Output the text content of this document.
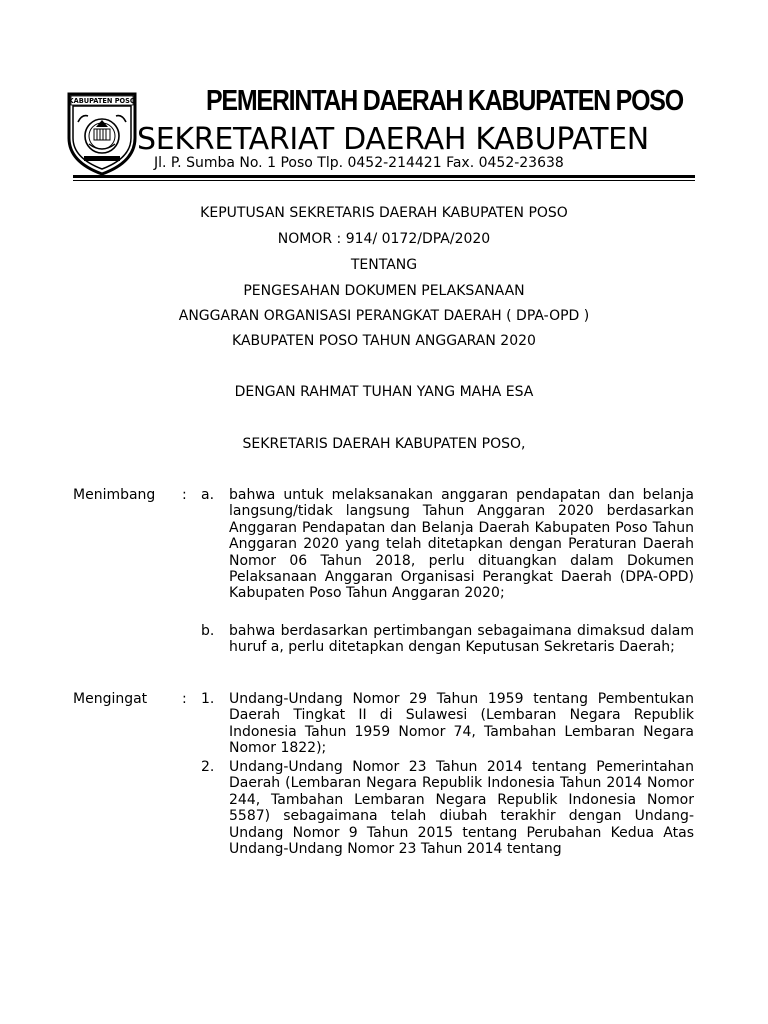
KABUPATEN POSO PEMERINTAH DAERAH KABUPATEN POSO
SEKRETARIAT DAERAH KABUPATEN
Jl. P. Sumba No. 1 Poso Tlp. 0452-214421 Fax. 0452-23638
KEPUTUSAN SEKRETARIS DAERAH KABUPATEN POSO
NOMOR : 914/ 0172/DPA/2020
TENTANG
PENGESAHAN DOKUMEN PELAKSANAAN
ANGGARAN ORGANISASI PERANGKAT DAERAH ( DPA-OPD )
KABUPATEN POSO TAHUN ANGGARAN 2020
DENGAN RAHMAT TUHAN YANG MAHA ESA
SEKRETARIS DAERAH KABUPATEN POSO,
Menimbang : a. bahwa untuk melaksanakan anggaran pendapatan dan belanja langsung/tidak langsung Tahun Anggaran 2020 berdasarkan Anggaran Pendapatan dan Belanja Daerah Kabupaten Poso Tahun Anggaran 2020 yang telah ditetapkan dengan Peraturan Daerah Nomor 06 Tahun 2018, perlu dituangkan dalam Dokumen Pelaksanaan Anggaran Organisasi Perangkat Daerah (DPA-OPD) Kabupaten Poso Tahun Anggaran 2020;
b. bahwa berdasarkan pertimbangan sebagaimana dimaksud dalam huruf a, perlu ditetapkan dengan Keputusan Sekretaris Daerah;
Mengingat : 1. Undang-Undang Nomor 29 Tahun 1959 tentang Pembentukan Daerah Tingkat II di Sulawesi (Lembaran Negara Republik Indonesia Tahun 1959 Nomor 74, Tambahan Lembaran Negara Nomor 1822);
2. Undang-Undang Nomor 23 Tahun 2014 tentang Pemerintahan Daerah (Lembaran Negara Republik Indonesia Tahun 2014 Nomor 244, Tambahan Lembaran Negara Republik Indonesia Nomor 5587) sebagaimana telah diubah terakhir dengan Undang-Undang Nomor 9 Tahun 2015 tentang Perubahan Kedua Atas Undang-Undang Nomor 23 Tahun 2014 tentang
